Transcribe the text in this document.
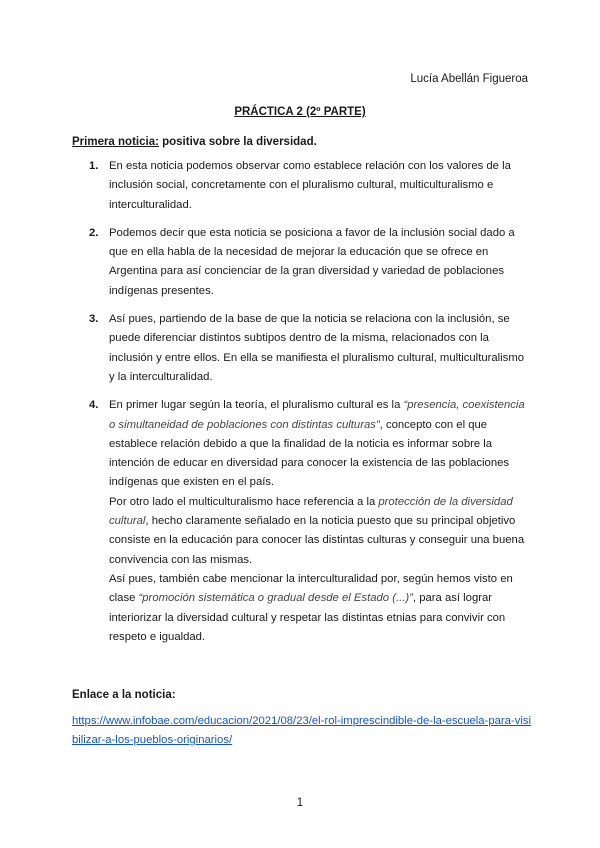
Lucía Abellán Figueroa
PRÁCTICA 2 (2º PARTE)
Primera noticia: positiva sobre la diversidad.
1. En esta noticia podemos observar como establece relación con los valores de la inclusión social, concretamente con el pluralismo cultural, multiculturalismo e interculturalidad.

2. Podemos decir que esta noticia se posiciona a favor de la inclusión social dado a que en ella habla de la necesidad de mejorar la educación que se ofrece en Argentina para así concienciar de la gran diversidad y variedad de poblaciones indígenas presentes.

3. Así pues, partiendo de la base de que la noticia se relaciona con la inclusión, se puede diferenciar distintos subtipos dentro de la misma, relacionados con la inclusión y entre ellos. En ella se manifiesta el pluralismo cultural, multiculturalismo y la interculturalidad.

4. En primer lugar según la teoría, el pluralismo cultural es la “presencia, coexistencia o simultaneidad de poblaciones con distintas culturas”, concepto con el que establece relación debido a que la finalidad de la noticia es informar sobre la intención de educar en diversidad para conocer la existencia de las poblaciones indígenas que existen en el país.

Por otro lado el multiculturalismo hace referencia a la protección de la diversidad cultural, hecho claramente señalado en la noticia puesto que su principal objetivo consiste en la educación para conocer las distintas culturas y conseguir una buena convivencia con las mismas.

Así pues, también cabe mencionar la interculturalidad por, según hemos visto en clase “promoción sistemática o gradual desde el Estado (...)”, para así lograr interiorizar la diversidad cultural y respetar las distintas etnias para convivir con respeto e igualdad.

Enlace a la noticia:
https://www.infobae.com/educacion/2021/08/23/el-rol-imprescindible-de-la-escuela-para-visibilizar-a-los-pueblos-originarios/
1
